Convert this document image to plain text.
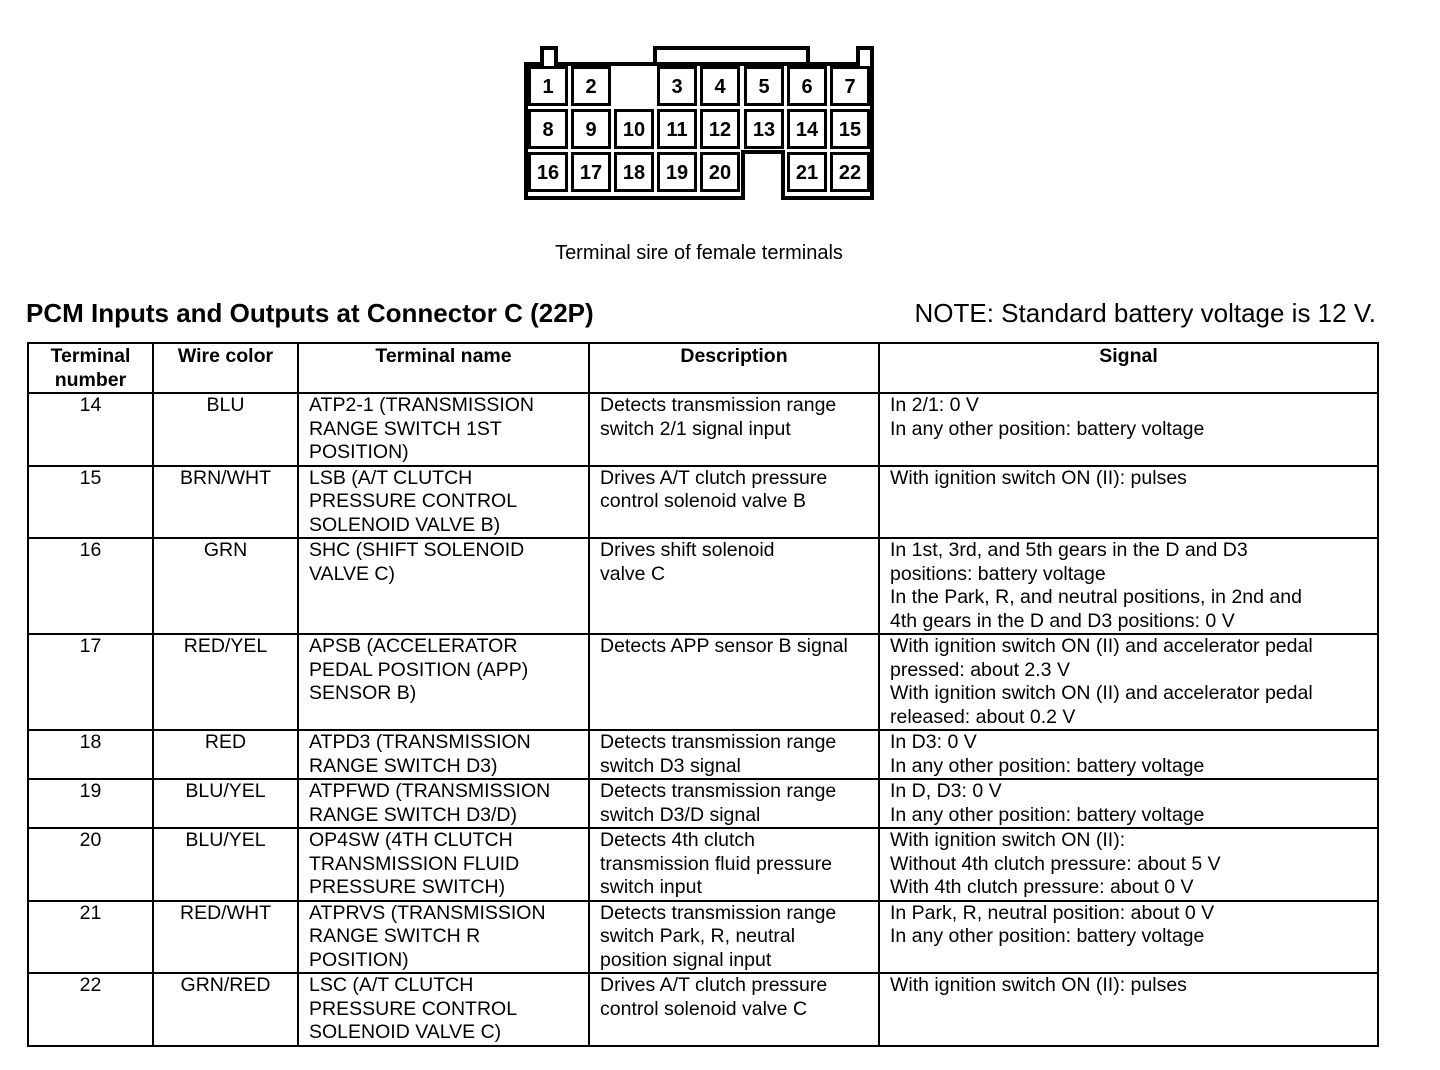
1 2	3 4 5 6 7
8 9 10 11 12 13 14 15
16 17 18 19 20	21 22
Terminal sire of female terminals
PCM Inputs and Outputs at Connector C (22P)	NOTE: Standard battery voltage is 12 V.
Terminal
number	Wire color	Terminal name	Description	Signal
14	BLU	ATP2-1 (TRANSMISSION
RANGE SWITCH 1ST
POSITION)	Detects transmission range
switch 2/1 signal input	In 2/1: 0 V
In any other position: battery voltage
15	BRN/WHT	LSB (A/T CLUTCH
PRESSURE CONTROL
SOLENOID VALVE B)	Drives A/T clutch pressure
control solenoid valve B	With ignition switch ON (II): pulses
16	GRN	SHC (SHIFT SOLENOID
VALVE C)	Drives shift solenoid
valve C	In 1st, 3rd, and 5th gears in the D and D3
positions: battery voltage
In the Park, R, and neutral positions, in 2nd and
4th gears in the D and D3 positions: 0 V
17	RED/YEL	APSB (ACCELERATOR
PEDAL POSITION (APP)
SENSOR B)	Detects APP sensor B signal	With ignition switch ON (II) and accelerator pedal
pressed: about 2.3 V
With ignition switch ON (II) and accelerator pedal
released: about 0.2 V
18	RED	ATPD3 (TRANSMISSION
RANGE SWITCH D3)	Detects transmission range
switch D3 signal	In D3: 0 V
In any other position: battery voltage
19	BLU/YEL	ATPFWD (TRANSMISSION
RANGE SWITCH D3/D)	Detects transmission range
switch D3/D signal	In D, D3: 0 V
In any other position: battery voltage
20	BLU/YEL	OP4SW (4TH CLUTCH
TRANSMISSION FLUID
PRESSURE SWITCH)	Detects 4th clutch
transmission fluid pressure
switch input	With ignition switch ON (II):
Without 4th clutch pressure: about 5 V
With 4th clutch pressure: about 0 V
21	RED/WHT	ATPRVS (TRANSMISSION
RANGE SWITCH R
POSITION)	Detects transmission range
switch Park, R, neutral
position signal input	In Park, R, neutral position: about 0 V
In any other position: battery voltage
22	GRN/RED	LSC (A/T CLUTCH
PRESSURE CONTROL
SOLENOID VALVE C)	Drives A/T clutch pressure
control solenoid valve C	With ignition switch ON (II): pulses
